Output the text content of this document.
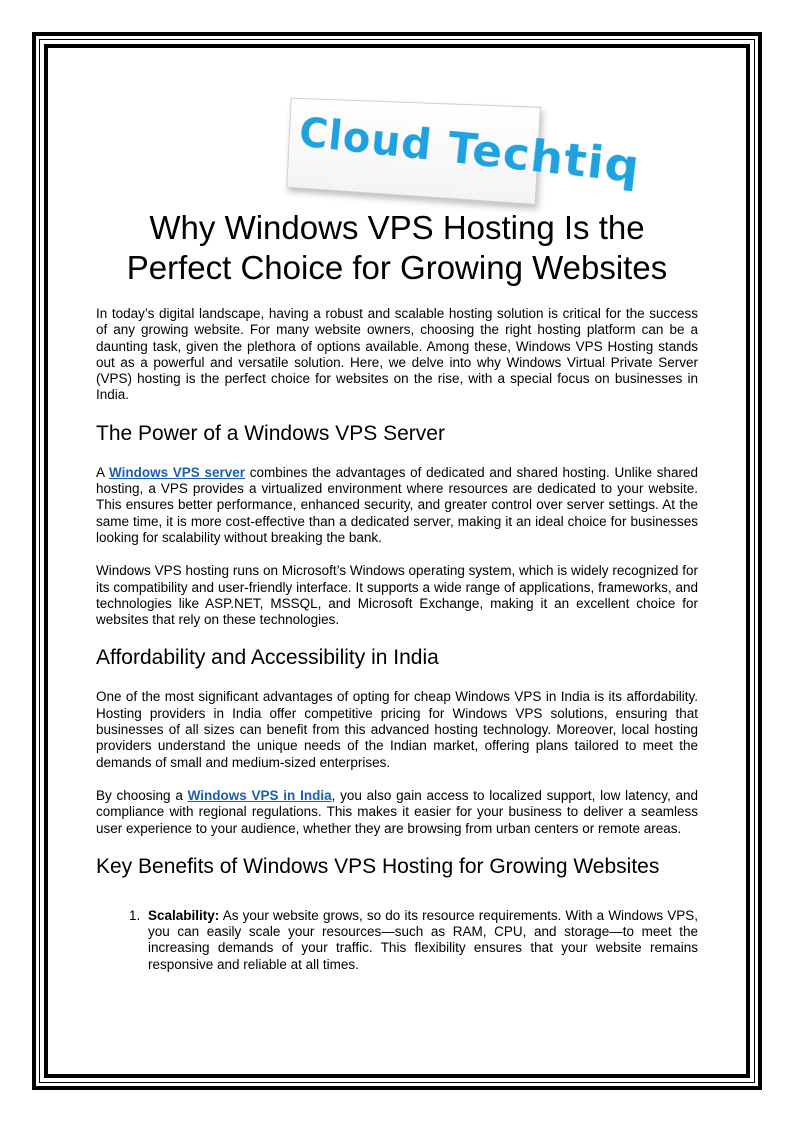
Cloud Techtiq
Why Windows VPS Hosting Is the Perfect Choice for Growing Websites

In today’s digital landscape, having a robust and scalable hosting solution is critical for the success of any growing website. For many website owners, choosing the right hosting platform can be a daunting task, given the plethora of options available. Among these, Windows VPS Hosting stands out as a powerful and versatile solution. Here, we delve into why Windows Virtual Private Server (VPS) hosting is the perfect choice for websites on the rise, with a special focus on businesses in India.

The Power of a Windows VPS Server

A Windows VPS server combines the advantages of dedicated and shared hosting. Unlike shared hosting, a VPS provides a virtualized environment where resources are dedicated to your website. This ensures better performance, enhanced security, and greater control over server settings. At the same time, it is more cost-effective than a dedicated server, making it an ideal choice for businesses looking for scalability without breaking the bank.

Windows VPS hosting runs on Microsoft’s Windows operating system, which is widely recognized for its compatibility and user-friendly interface. It supports a wide range of applications, frameworks, and technologies like ASP.NET, MSSQL, and Microsoft Exchange, making it an excellent choice for websites that rely on these technologies.

Affordability and Accessibility in India

One of the most significant advantages of opting for cheap Windows VPS in India is its affordability. Hosting providers in India offer competitive pricing for Windows VPS solutions, ensuring that businesses of all sizes can benefit from this advanced hosting technology. Moreover, local hosting providers understand the unique needs of the Indian market, offering plans tailored to meet the demands of small and medium-sized enterprises.

By choosing a Windows VPS in India, you also gain access to localized support, low latency, and compliance with regional regulations. This makes it easier for your business to deliver a seamless user experience to your audience, whether they are browsing from urban centers or remote areas.

Key Benefits of Windows VPS Hosting for Growing Websites
1. Scalability: As your website grows, so do its resource requirements. With a Windows VPS, you can easily scale your resources—such as RAM, CPU, and storage—to meet the increasing demands of your traffic. This flexibility ensures that your website remains responsive and reliable at all times.
